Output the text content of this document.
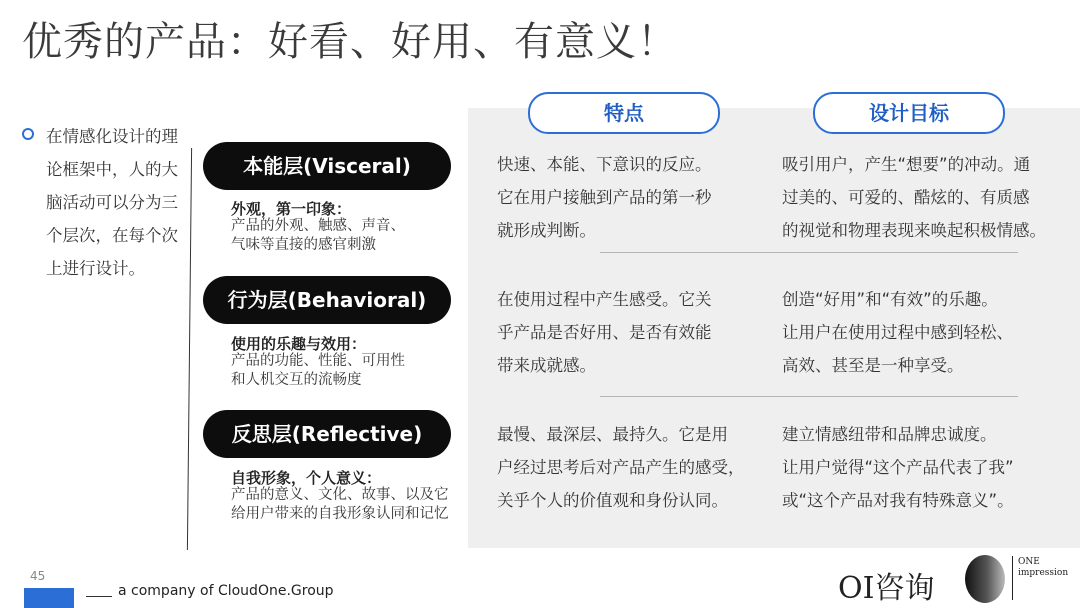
优秀的产品：好看、好用、有意义！
特点	设计目标
在情感化设计的理论框架中，人的大脑活动可以分为三个层次，在每个次上进行设计。
本能层(Visceral)
外观，第一印象：
产品的外观、触感、声音、
气味等直接的感官刺激
快速、本能、下意识的反应。
它在用户接触到产品的第一秒
就形成判断。
吸引用户，产生“想要”的冲动。通
过美的、可爱的、酷炫的、有质感
的视觉和物理表现来唤起积极情感。
行为层(Behavioral)
使用的乐趣与效用：
产品的功能、性能、可用性
和人机交互的流畅度
在使用过程中产生感受。它关
乎产品是否好用、是否有效能
带来成就感。
创造“好用”和“有效”的乐趣。
让用户在使用过程中感到轻松、
高效、甚至是一种享受。
反思层(Reflective)
自我形象，个人意义：
产品的意义、文化、故事、以及它
给用户带来的自我形象认同和记忆
最慢、最深层、最持久。它是用
户经过思考后对产品产生的感受，
关乎个人的价值观和身份认同。
建立情感纽带和品牌忠诚度。
让用户觉得“这个产品代表了我”
或“这个产品对我有特殊意义”。
45
a company of CloudOne.Group	OI咨询
ONE
impression
